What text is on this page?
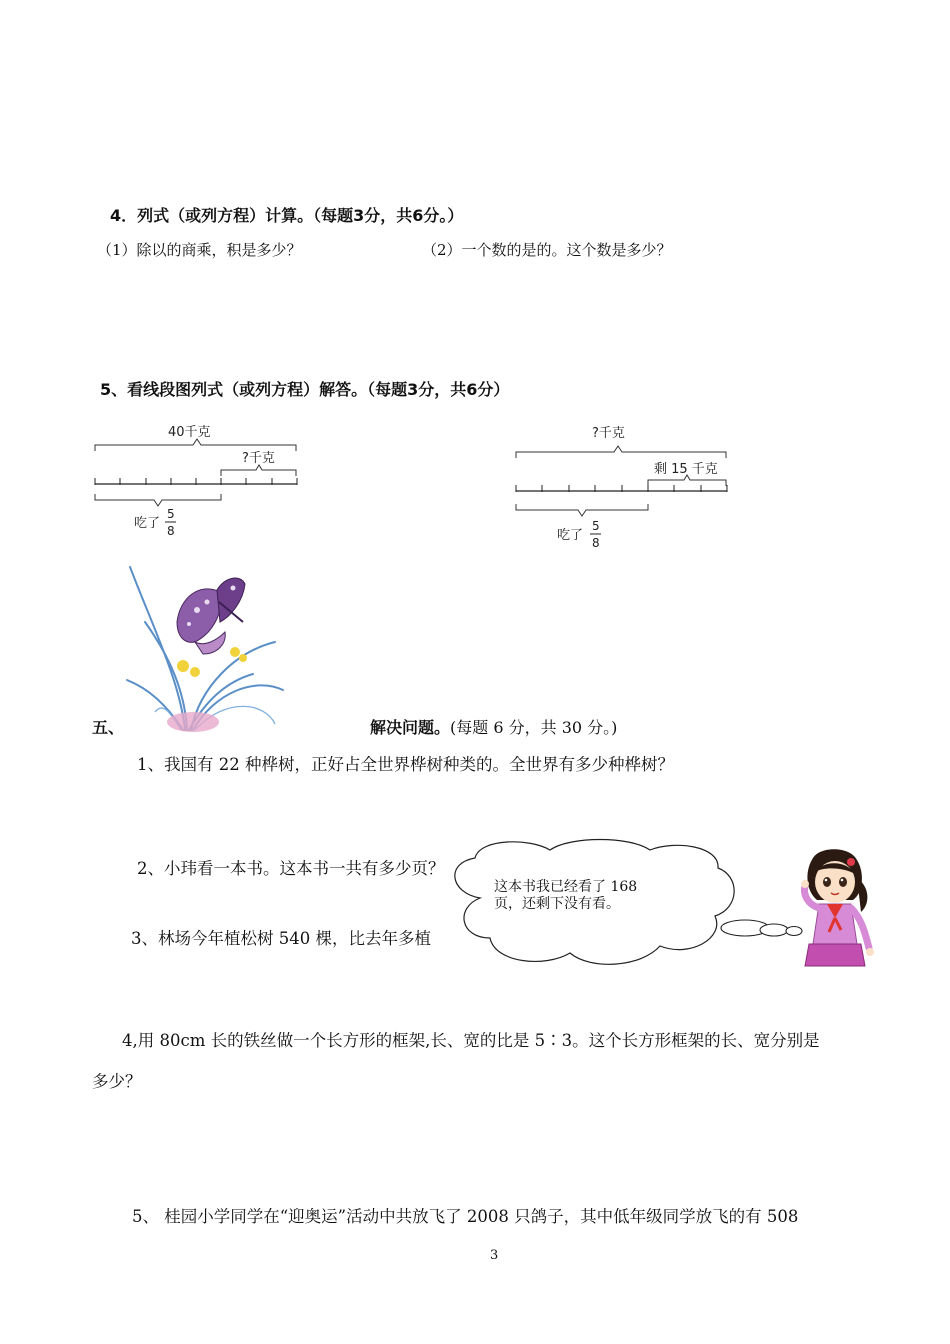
4．列式（或列方程）计算。（每题3分，共6分。）
（1）除以的商乘，积是多少？	（2）一个数的是的。这个数是多少？
5、看线段图列式（或列方程）解答。（每题3分，共6分）
40千克
?千克
吃了
5
8
?千克
剩 15 千克
吃了
5
8
五、	解决问题。(每题 6 分，共 30 分。)
1、我国有 22 种桦树，正好占全世界桦树种类的。全世界有多少种桦树？
2、小玮看一本书。这本书一共有多少页？
3、林场今年植松树 540 棵，比去年多植
这本书我已经看了 168
页，还剩下没有看。
4,用 80cm 长的铁丝做一个长方形的框架,长、宽的比是 5∶3。这个长方形框架的长、宽分别是
多少？
5、 桂园小学同学在“迎奥运”活动中共放飞了 2008 只鸽子，其中低年级同学放飞的有 508
3
